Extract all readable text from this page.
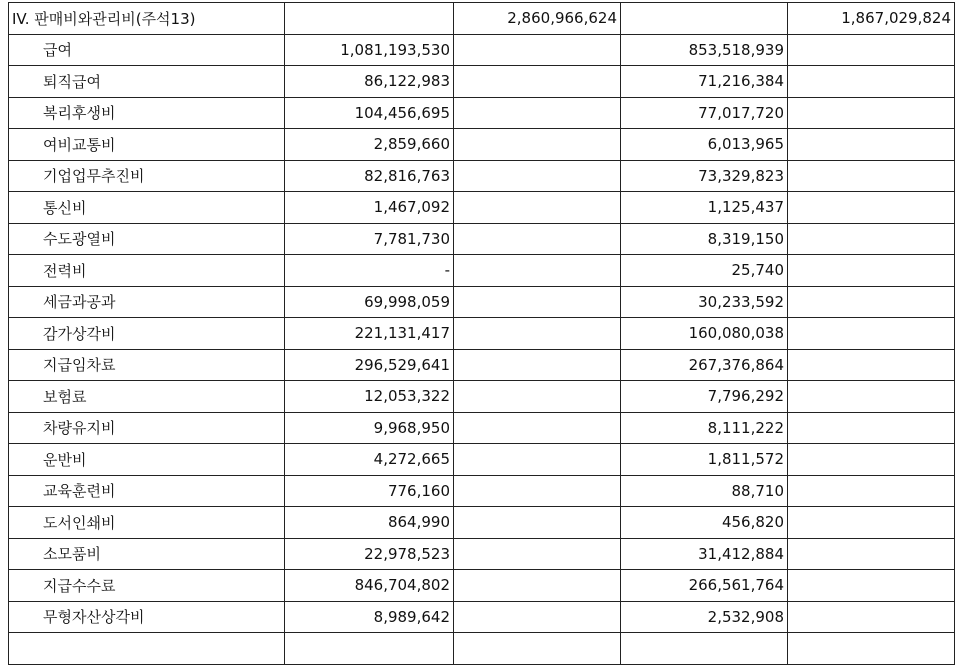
IV. 판매비와관리비(주석13)		2,860,966,624		1,867,029,824
급여	1,081,193,530		853,518,939	
퇴직급여	86,122,983		71,216,384	
복리후생비	104,456,695		77,017,720	
여비교통비	2,859,660		6,013,965	
기업업무추진비	82,816,763		73,329,823	
통신비	1,467,092		1,125,437	
수도광열비	7,781,730		8,319,150	
전력비	-		25,740	
세금과공과	69,998,059		30,233,592	
감가상각비	221,131,417		160,080,038	
지급임차료	296,529,641		267,376,864	
보험료	12,053,322		7,796,292	
차량유지비	9,968,950		8,111,222	
운반비	4,272,665		1,811,572	
교육훈련비	776,160		88,710	
도서인쇄비	864,990		456,820	
소모품비	22,978,523		31,412,884	
지급수수료	846,704,802		266,561,764	
무형자산상각비	8,989,642		2,532,908	
